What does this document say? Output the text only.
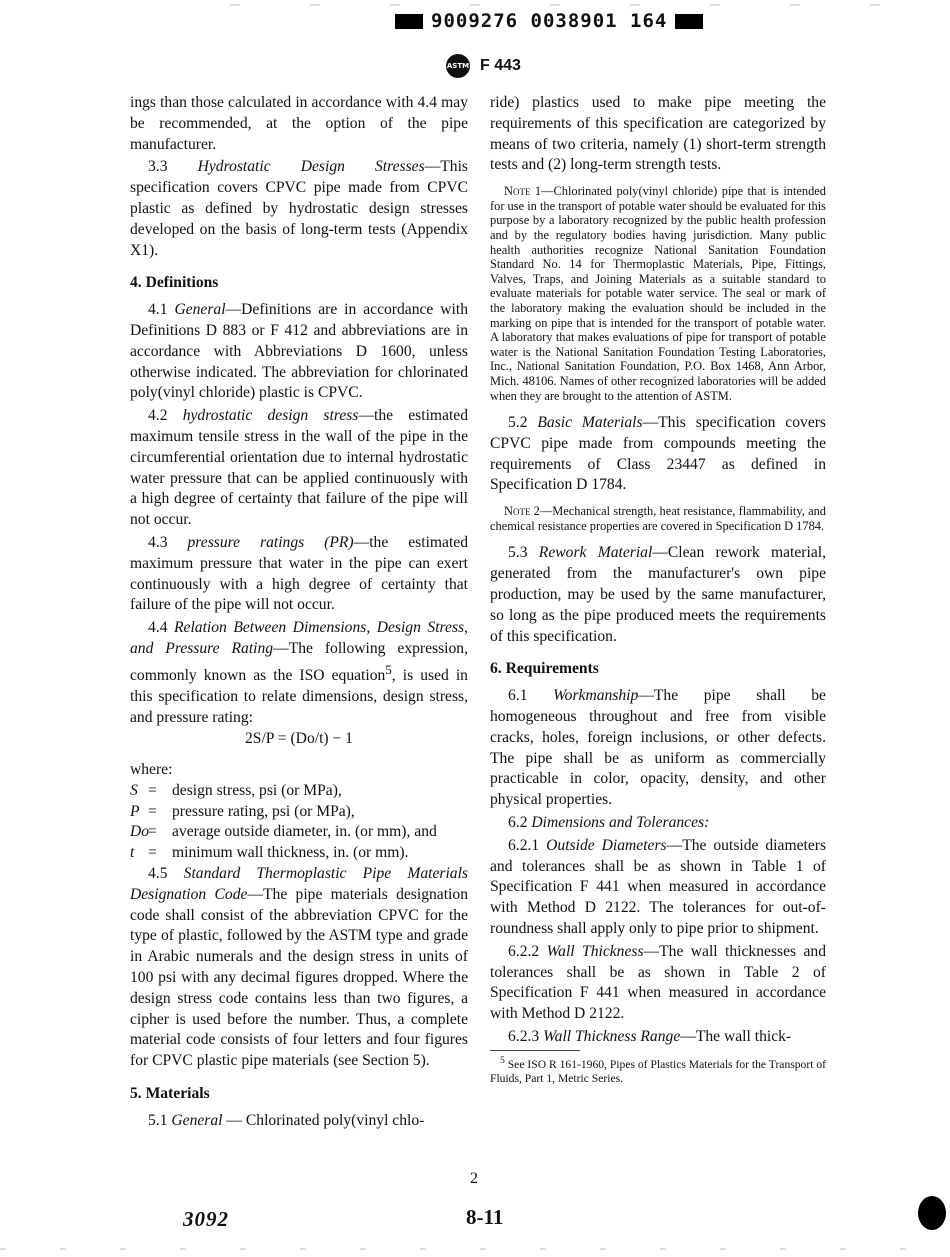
9009276 0038901 164
ASTM F 443

ings than those calculated in accordance with 4.4 may be recommended, at the option of the pipe manufacturer.

3.3 Hydrostatic Design Stresses—This specification covers CPVC pipe made from CPVC plastic as defined by hydrostatic design stresses developed on the basis of long-term tests (Appendix X1).

4. Definitions

4.1 General—Definitions are in accordance with Definitions D 883 or F 412 and abbreviations are in accordance with Abbreviations D 1600, unless otherwise indicated. The abbreviation for chlorinated poly(vinyl chloride) plastic is CPVC.

4.2 hydrostatic design stress—the estimated maximum tensile stress in the wall of the pipe in the circumferential orientation due to internal hydrostatic water pressure that can be applied continuously with a high degree of certainty that failure of the pipe will not occur.

4.3 pressure ratings (PR)—the estimated maximum pressure that water in the pipe can exert continuously with a high degree of certainty that failure of the pipe will not occur.

4.4 Relation Between Dimensions, Design Stress, and Pressure Rating—The following expression, commonly known as the ISO equation$^5$, is used in this specification to relate dimensions, design stress, and pressure rating:

2S/P = (Do/t) − 1

where:

S = design stress, psi (or MPa),
P = pressure rating, psi (or MPa),
Do
= average outside diameter, in. (or mm), and
t = minimum wall thickness, in. (or mm).

4.5 Standard Thermoplastic Pipe Materials Designation Code—The pipe materials designation code shall consist of the abbreviation CPVC for the type of plastic, followed by the ASTM type and grade in Arabic numerals and the design stress in units of 100 psi with any decimal figures dropped. Where the design stress code contains less than two figures, a cipher is used before the number. Thus, a complete material code consists of four letters and four figures for CPVC plastic pipe materials (see Section 5).

5. Materials

5.1 General — Chlorinated poly(vinyl chlo-

ride) plastics used to make pipe meeting the requirements of this specification are categorized by means of two criteria, namely (1) short-term strength tests and (2) long-term strength tests.

Note 1—Chlorinated poly(vinyl chloride) pipe that is intended for use in the transport of potable water should be evaluated for this purpose by a laboratory recognized by the public health profession and by the regulatory bodies having jurisdiction. Many public health authorities recognize National Sanitation Foundation Standard No. 14 for Thermoplastic Materials, Pipe, Fittings, Valves, Traps, and Joining Materials as a suitable standard to evaluate materials for potable water service. The seal or mark of the laboratory making the evaluation should be included in the marking on pipe that is intended for the transport of potable water. A laboratory that makes evaluations of pipe for transport of potable water is the National Sanitation Foundation Testing Laboratories, Inc., National Sanitation Foundation, P.O. Box 1468, Ann Arbor, Mich. 48106. Names of other recognized laboratories will be added when they are brought to the attention of ASTM.

5.2 Basic Materials—This specification covers CPVC pipe made from compounds meeting the requirements of Class 23447 as defined in Specification D 1784.

Note 2—Mechanical strength, heat resistance, flammability, and chemical resistance properties are covered in Specification D 1784.

5.3 Rework Material—Clean rework material, generated from the manufacturer's own pipe production, may be used by the same manufacturer, so long as the pipe produced meets the requirements of this specification.

6. Requirements

6.1 Workmanship—The pipe shall be homogeneous throughout and free from visible cracks, holes, foreign inclusions, or other defects. The pipe shall be as uniform as commercially practicable in color, opacity, density, and other physical properties.

6.2 Dimensions and Tolerances:

6.2.1 Outside Diameters—The outside diameters and tolerances shall be as shown in Table 1 of Specification F 441 when measured in accordance with Method D 2122. The tolerances for out-of-roundness shall apply only to pipe prior to shipment.

6.2.2 Wall Thickness—The wall thicknesses and tolerances shall be as shown in Table 2 of Specification F 441 when measured in accordance with Method D 2122.

6.2.3 Wall Thickness Range—The wall thick-

$^5$ See ISO R 161-1960, Pipes of Plastics Materials for the Transport of Fluids, Part 1, Metric Series.

2
3092	8-11
